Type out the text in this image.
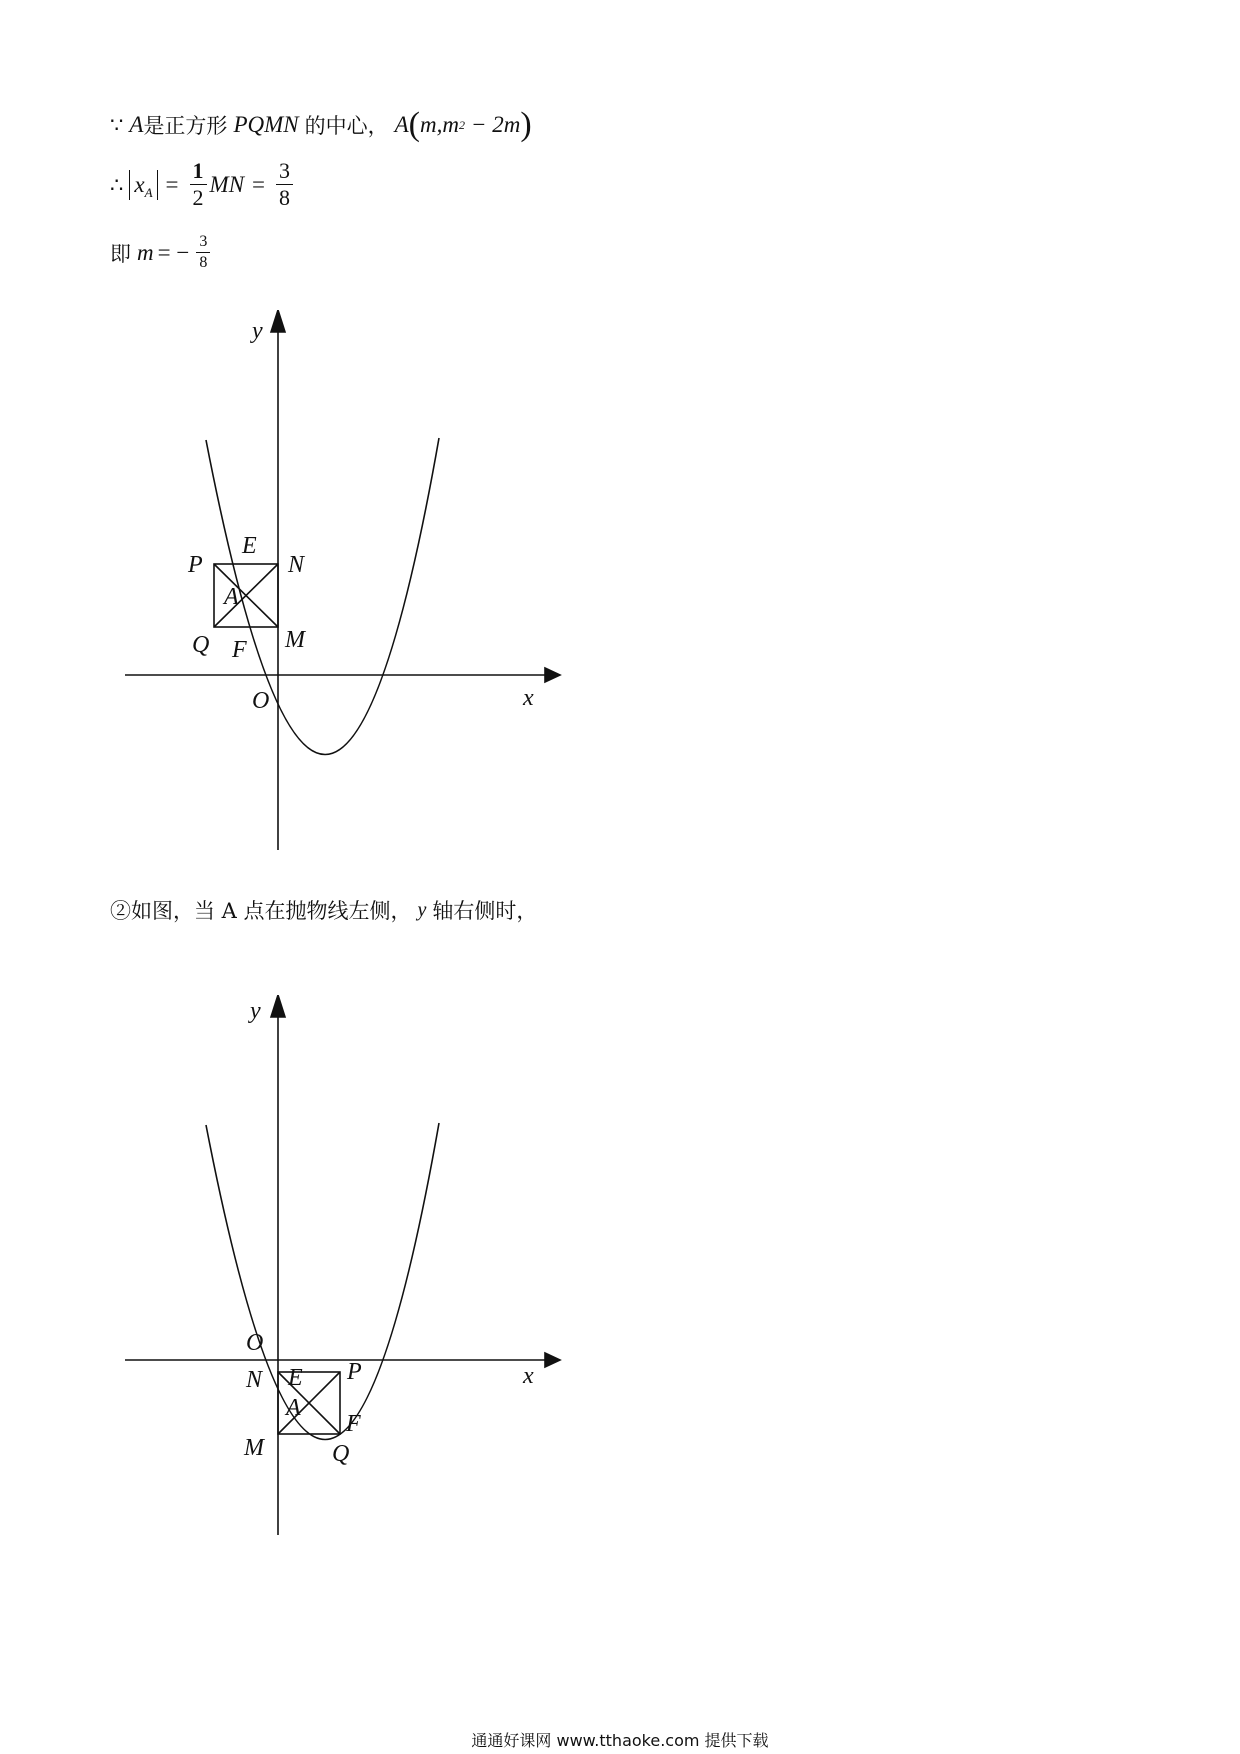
∵ A 是正方形 PQMN 的中心， A ( m , m 2 − 2m )
∴ $x_A = \frac{1}{2}$ MN = $\frac{3}{8}$
即 m = − $\frac{3}{8}$
y
x
O
P
E
N
A
Q F M
②如图，当 A 点在抛物线左侧， y 轴右侧时，
y
x
O
N E P
A
F
M	Q
通通好课网 www.tthaoke.com 提供下载
